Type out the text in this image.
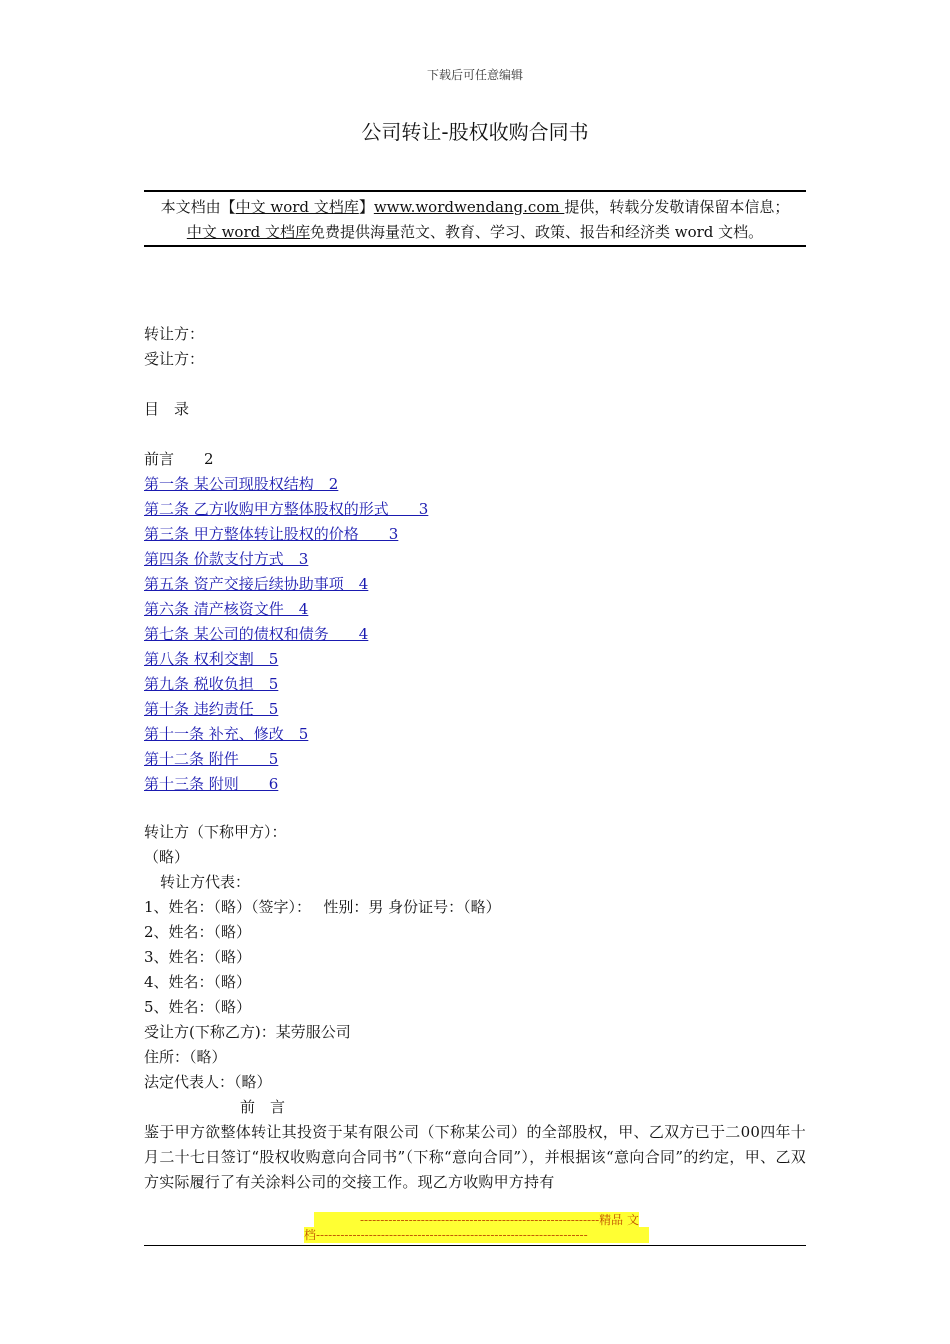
下载后可任意编辑
公司转让-股权收购合同书
本文档由【中文 word 文档库】www.wordwendang.com 提供，转载分发敬请保留本信息；
中文 word 文档库免费提供海量范文、教育、学习、政策、报告和经济类 word 文档。
转让方：
受让方：
目　录
前言　　2
第一条 某公司现股权结构　2
第二条 乙方收购甲方整体股权的形式　　3
第三条 甲方整体转让股权的价格　　3
第四条 价款支付方式　3
第五条 资产交接后续协助事项　4
第六条 清产核资文件　4
第七条 某公司的债权和债务　　4
第八条 权利交割　5
第九条 税收负担　5
第十条 违约责任　5
第十一条 补充、修改　5
第十二条 附件　　5
第十三条 附则　　6
转让方（下称甲方）：
（略）
转让方代表：
1、姓名：（略）（签字）：　 性别：男 身份证号：（略）
2、姓名：（略）
3、姓名：（略）
4、姓名：（略）
5、姓名：（略）
受让方(下称乙方)：某劳服公司
住所：（略）
法定代表人：（略）
前　言
鉴于甲方欲整体转让其投资于某有限公司（下称某公司）的全部股权，甲、乙双方已于二00四年十月二十七日签订“股权收购意向合同书”（下称“意向合同”），并根据该“意向合同”的约定，甲、乙双方实际履行了有关涂料公司的交接工作。现乙方收购甲方持有
-----------------------------------------------------------精品 文
档-------------------------------------------------------------------
